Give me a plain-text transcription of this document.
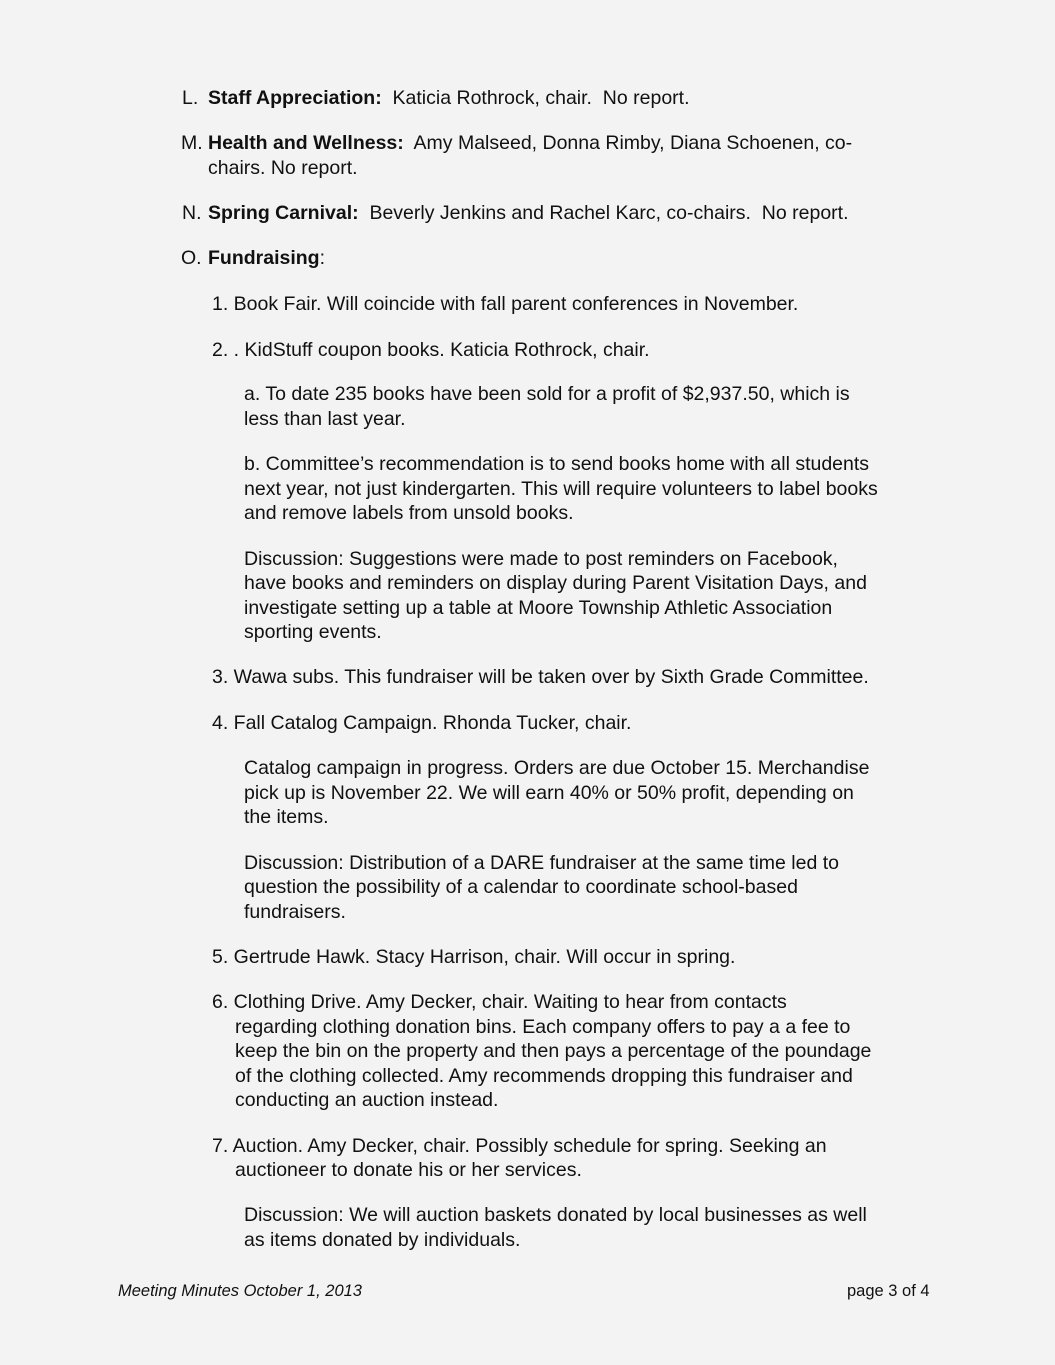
L. Staff Appreciation:  Katicia Rothrock, chair.  No report.
M. Health and Wellness:  Amy Malseed, Donna Rimby, Diana Schoenen, co-
chairs. No report.
N. Spring Carnival:  Beverly Jenkins and Rachel Karc, co-chairs.  No report.
O. Fundraising:
1. Book Fair. Will coincide with fall parent conferences in November.
2. . KidStuff coupon books. Katicia Rothrock, chair.
a. To date 235 books have been sold for a profit of $2,937.50, which is
less than last year.
b. Committee’s recommendation is to send books home with all students
next year, not just kindergarten. This will require volunteers to label books
and remove labels from unsold books.
Discussion: Suggestions were made to post reminders on Facebook,
have books and reminders on display during Parent Visitation Days, and
investigate setting up a table at Moore Township Athletic Association
sporting events.
3. Wawa subs. This fundraiser will be taken over by Sixth Grade Committee.
4. Fall Catalog Campaign. Rhonda Tucker, chair.
Catalog campaign in progress. Orders are due October 15. Merchandise
pick up is November 22. We will earn 40% or 50% profit, depending on
the items.
Discussion: Distribution of a DARE fundraiser at the same time led to
question the possibility of a calendar to coordinate school-based
fundraisers.
5. Gertrude Hawk. Stacy Harrison, chair. Will occur in spring.
6. Clothing Drive. Amy Decker, chair. Waiting to hear from contacts
regarding clothing donation bins. Each company offers to pay a a fee to
keep the bin on the property and then pays a percentage of the poundage
of the clothing collected. Amy recommends dropping this fundraiser and
conducting an auction instead.
7. Auction. Amy Decker, chair. Possibly schedule for spring. Seeking an
auctioneer to donate his or her services.
Discussion: We will auction baskets donated by local businesses as well
as items donated by individuals.
Meeting Minutes October 1, 2013	page 3 of 4
